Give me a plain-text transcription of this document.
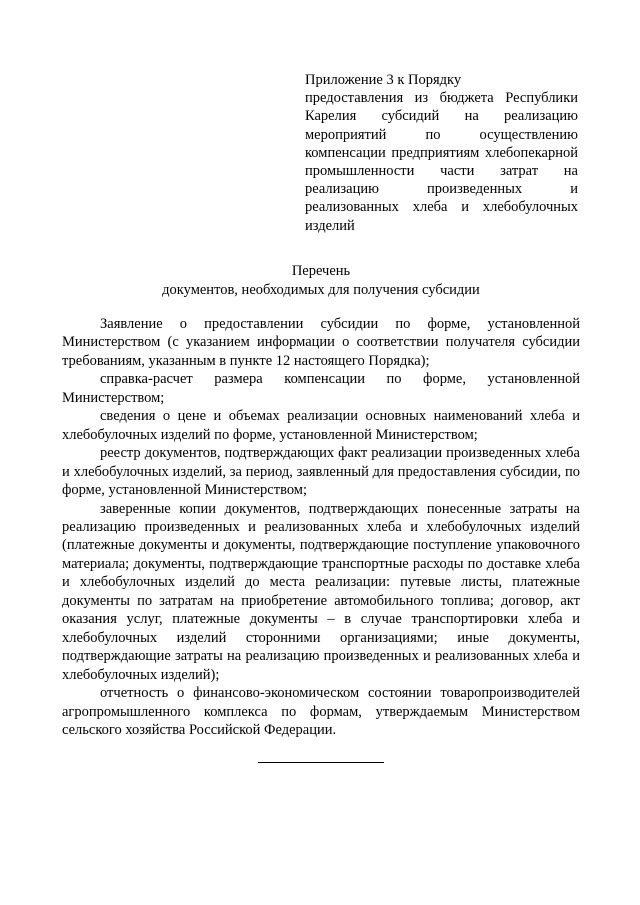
Приложение 3 к Порядку
предоставления из бюджета Республики Карелия субсидий на реализацию мероприятий по осуществлению компенсации предприятиям хлебопекарной промышленности части затрат на реализацию произведенных и реализованных хлеба и хлебобулочных изделий
Перечень
документов, необходимых для получения субсидии

Заявление о предоставлении субсидии по форме, установленной Министерством (с указанием информации о соответствии получателя субсидии требованиям, указанным в пункте 12 настоящего Порядка);

справка-расчет размера компенсации по форме, установленной Министерством;

сведения о цене и объемах реализации основных наименований хлеба и хлебобулочных изделий по форме, установленной Министерством;

реестр документов, подтверждающих факт реализации произведенных хлеба и хлебобулочных изделий, за период, заявленный для предоставления субсидии, по форме, установленной Министерством;

заверенные копии документов, подтверждающих понесенные затраты на реализацию произведенных и реализованных хлеба и хлебобулочных изделий (платежные документы и документы, подтверждающие поступление упаковочного материала; документы, подтверждающие транспортные расходы по доставке хлеба и хлебобулочных изделий до места реализации: путевые листы, платежные документы по затратам на приобретение автомобильного топлива; договор, акт оказания услуг, платежные документы – в случае транспортировки хлеба и хлебобулочных изделий сторонними организациями; иные документы, подтверждающие затраты на реализацию произведенных и реализованных хлеба и хлебобулочных изделий);

отчетность о финансово-экономическом состоянии товаропроизводителей агропромышленного комплекса по формам, утверждаемым Министерством сельского хозяйства Российской Федерации.
